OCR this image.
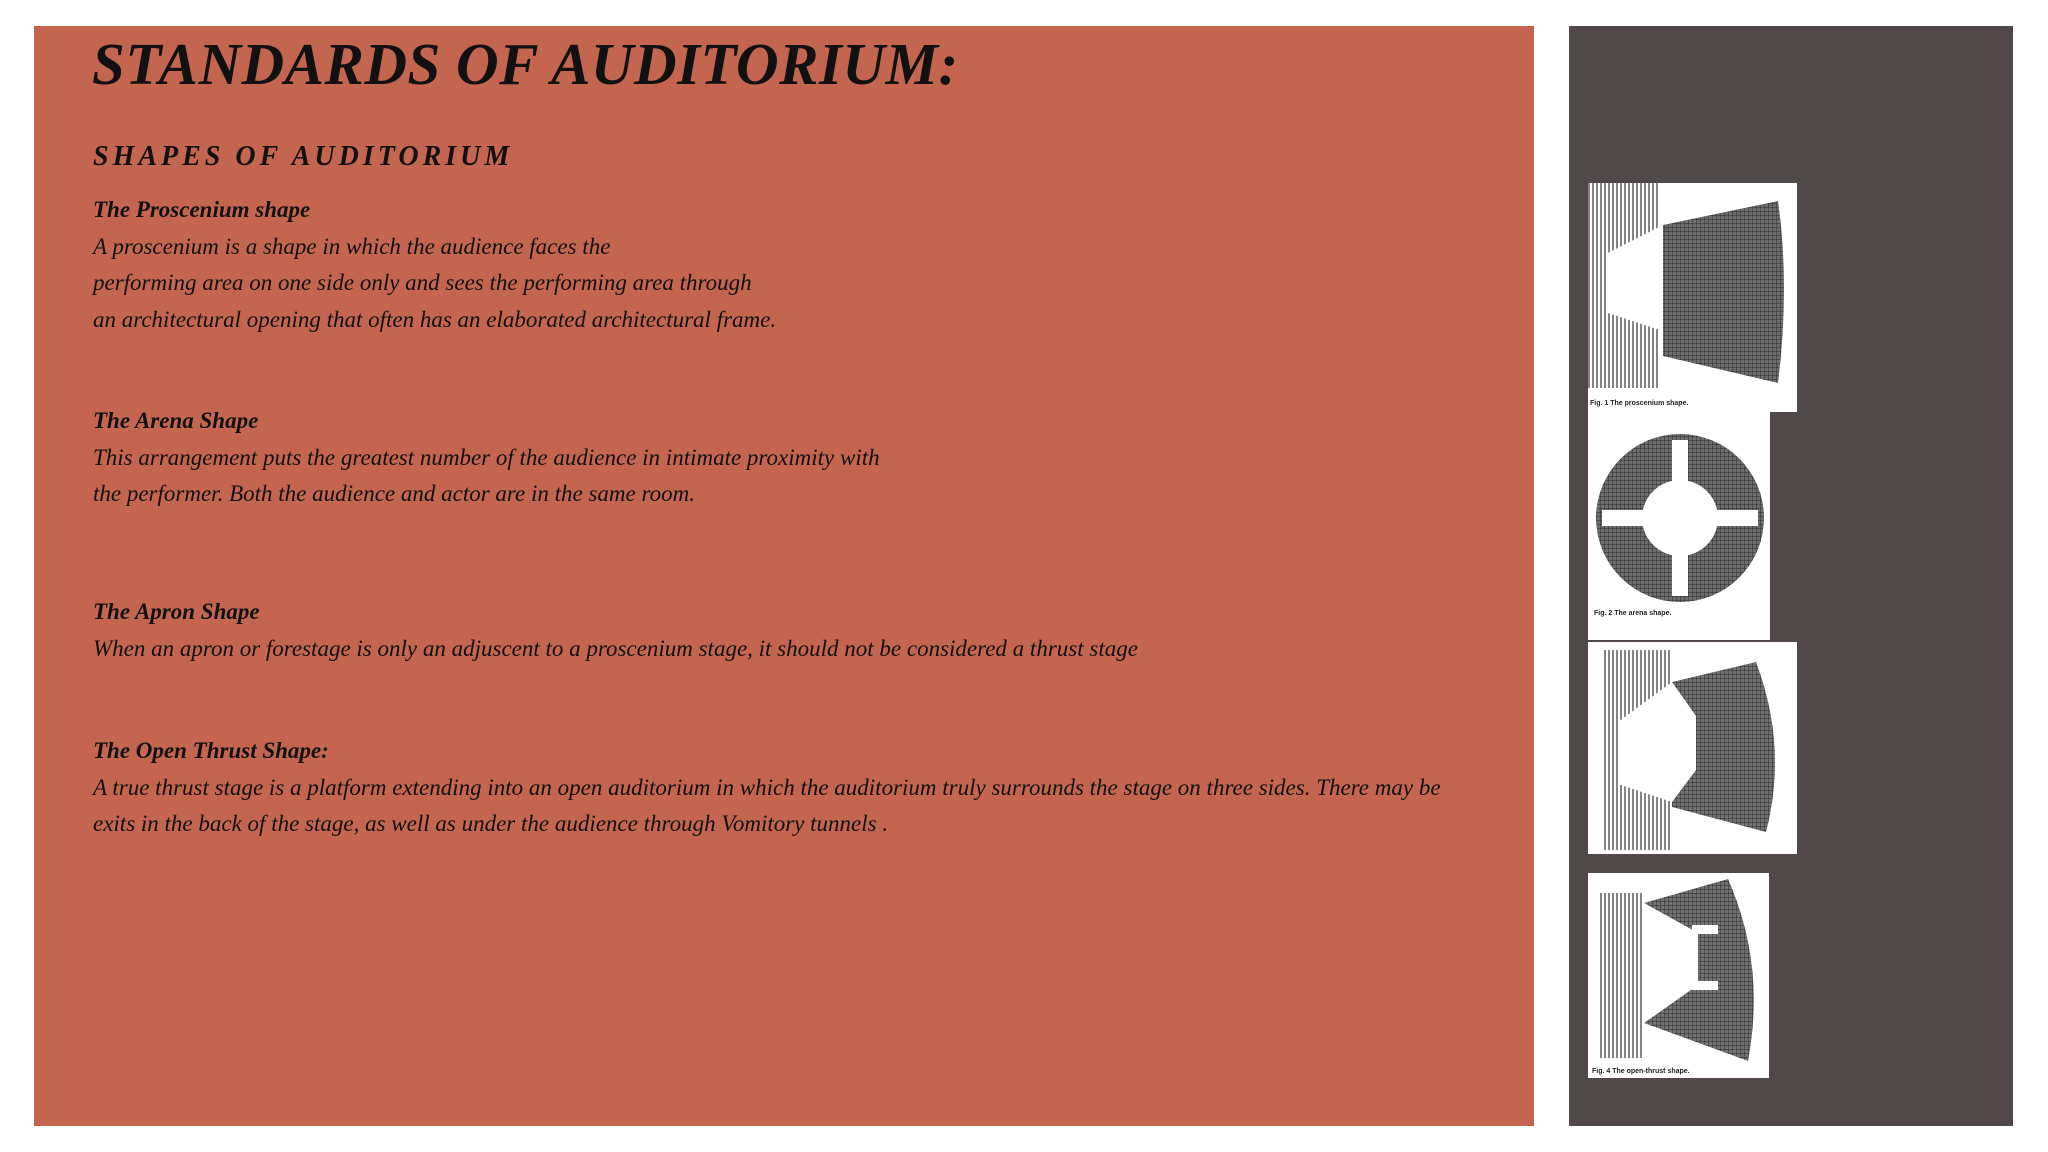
STANDARDS OF AUDITORIUM:
SHAPES OF AUDITORIUM
The Proscenium shape
A proscenium is a shape in which the audience faces the
performing area on one side only and sees the performing area through
an architectural opening that often has an elaborated architectural frame.
The Arena Shape
This arrangement puts the greatest number of the audience in intimate proximity with
the performer. Both the audience and actor are in the same room.
The Apron Shape
When an apron or forestage is only an adjuscent to a proscenium stage, it should not be considered a thrust stage
The Open Thrust Shape:
A true thrust stage is a platform extending into an open auditorium in which the auditorium truly surrounds the stage on three sides. There may be
exits in the back of the stage, as well as under the audience through Vomitory tunnels .
Fig. 1 The proscenium shape.
Fig. 2 The arena shape.
Fig. 4 The open-thrust shape.
